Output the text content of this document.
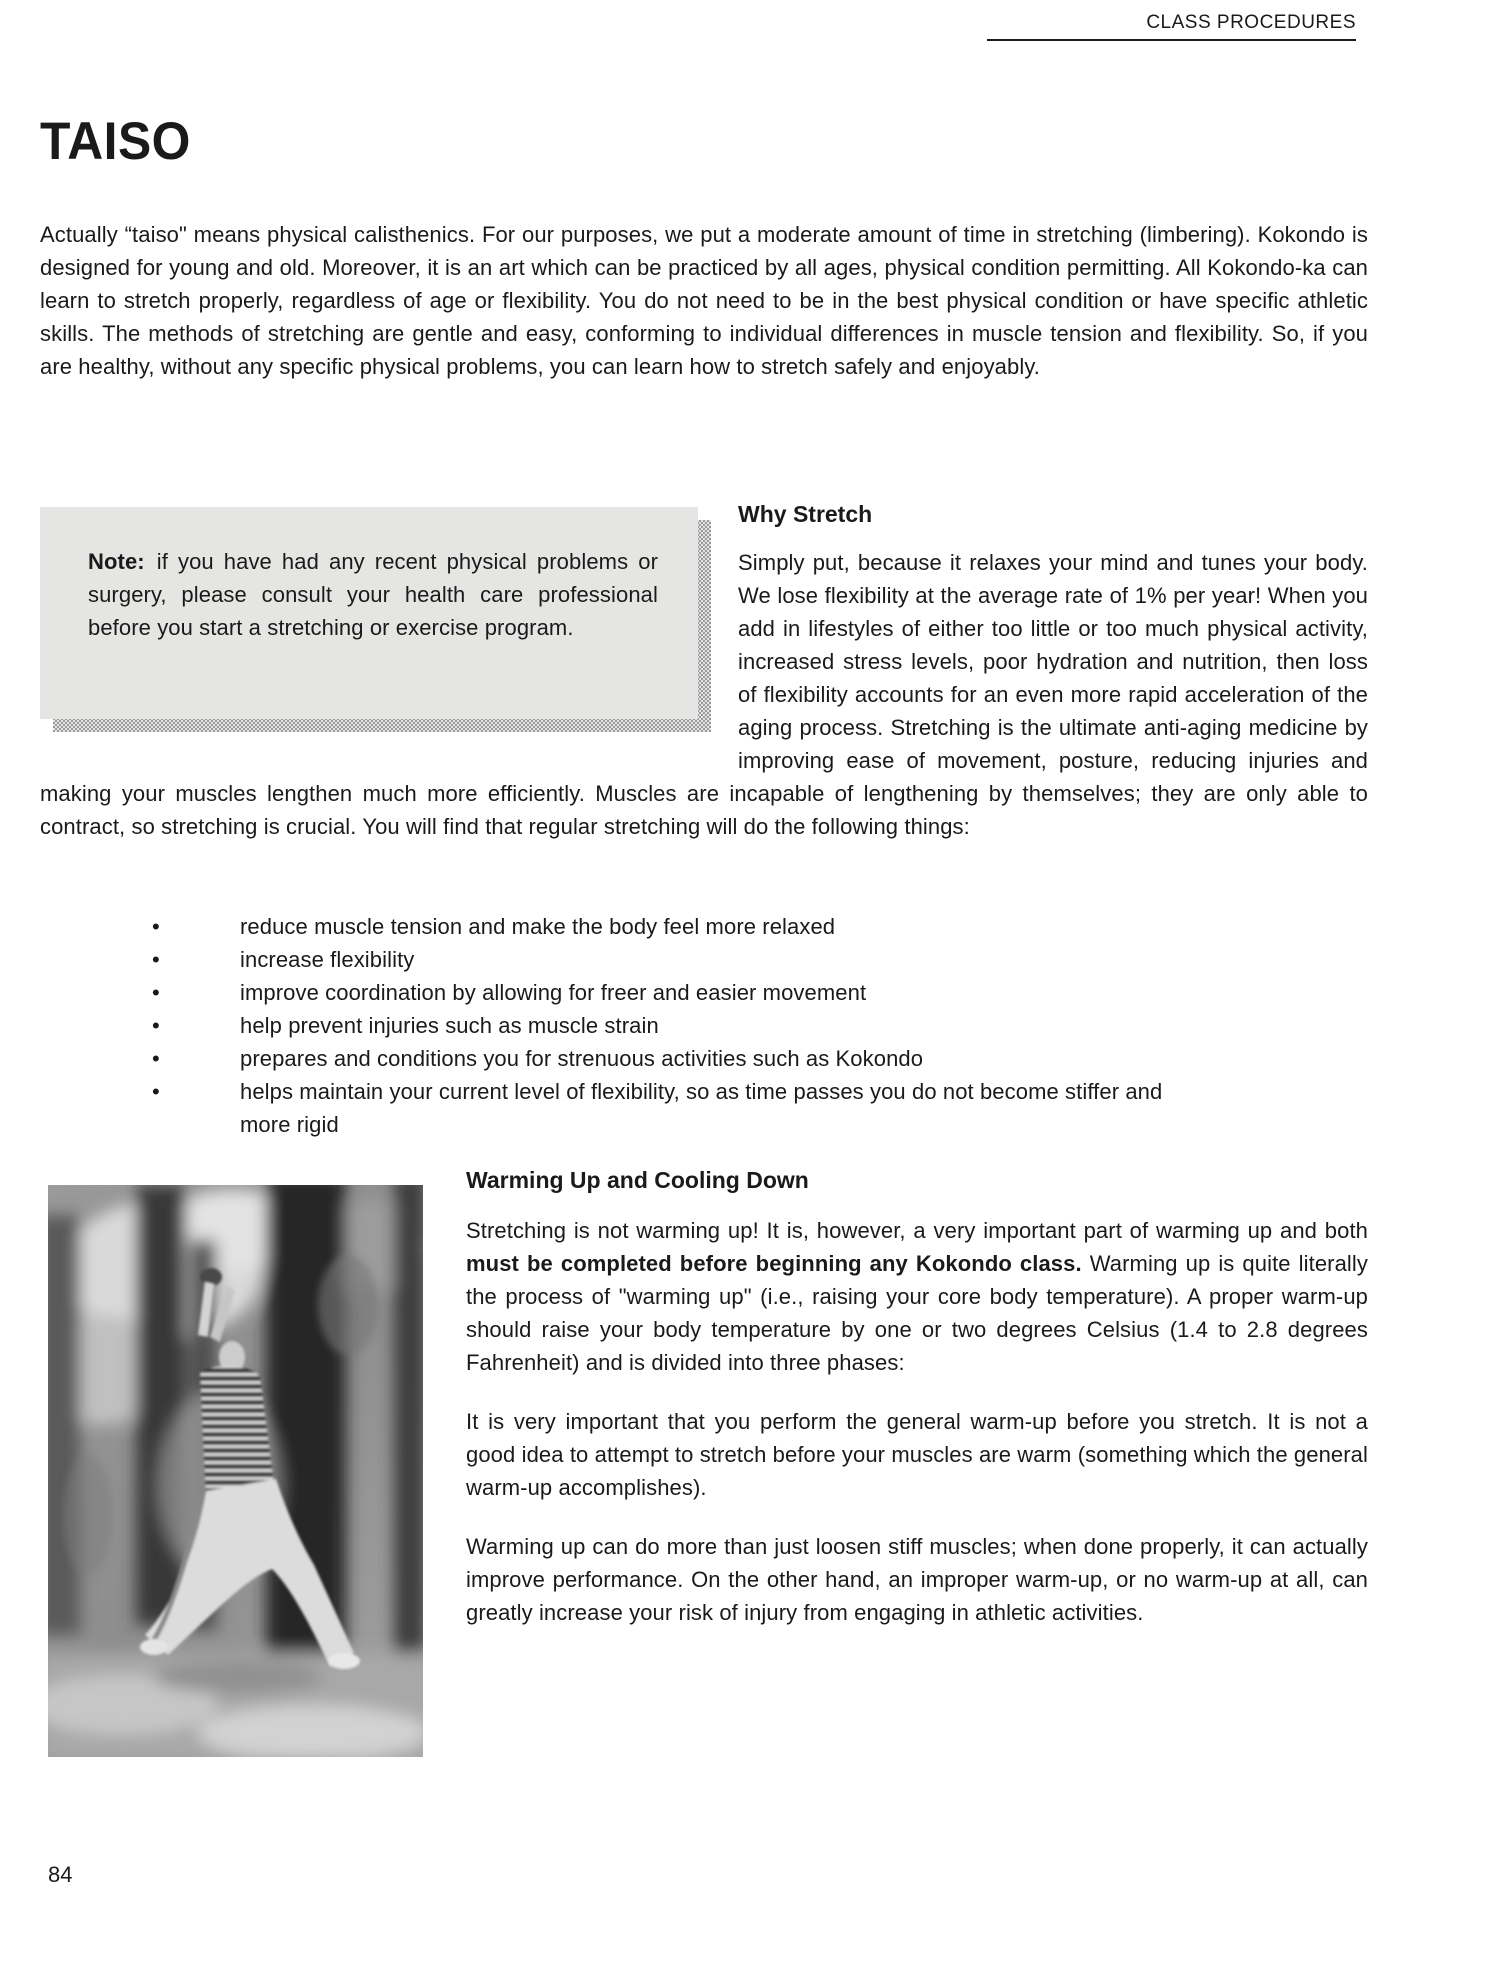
CLASS PROCEDURES
TAISO

Actually “taiso" means physical calisthenics. For our purposes, we put a moderate amount of time in stretching (limbering). Kokondo is designed for young and old. Moreover, it is an art which can be practiced by all ages, physical condition permitting. All Kokondo-ka can learn to stretch properly, regardless of age or flexibility. You do not need to be in the best physical condition or have specific athletic skills. The methods of stretching are gentle and easy, conforming to individual differences in muscle tension and flexibility. So, if you are healthy, without any specific physical problems, you can learn how to stretch safely and enjoyably.

Note: if you have had any recent physical problems or surgery, please consult your health care professional before you start a stretching or exercise program.

Why Stretch

Simply put, because it relaxes your mind and tunes your body. We lose flexibility at the average rate of 1% per year! When you add in lifestyles of either too little or too much physical activity, increased stress levels, poor hydration and nutrition, then loss of flexibility accounts for an even more rapid acceleration of the aging process. Stretching is the ultimate anti-aging medicine by improving ease of movement, posture, reducing injuries and making your muscles lengthen much more efficiently. Muscles are incapable of lengthening by themselves; they are only able to contract, so stretching is crucial. You will find that regular stretching will do the following things:

•	reduce muscle tension and make the body feel more relaxed
•	increase flexibility
•	improve coordination by allowing for freer and easier movement
•	help prevent injuries such as muscle strain
•	prepares and conditions you for strenuous activities such as Kokondo
•	helps maintain your current level of flexibility, so as time passes you do not become stiffer and more rigid
Warming Up and Cooling Down

Stretching is not warming up! It is, however, a very important part of warming up and both must be completed before beginning any Kokondo class. Warming up is quite literally the process of "warming up" (i.e., raising your core body temperature). A proper warm-up should raise your body temperature by one or two degrees Celsius (1.4 to 2.8 degrees Fahrenheit) and is divided into three phases:

It is very important that you perform the general warm-up before you stretch. It is not a good idea to attempt to stretch before your muscles are warm (something which the general warm-up accomplishes).

Warming up can do more than just loosen stiff muscles; when done properly, it can actually improve performance. On the other hand, an improper warm-up, or no warm-up at all, can greatly increase your risk of injury from engaging in athletic activities.

84
